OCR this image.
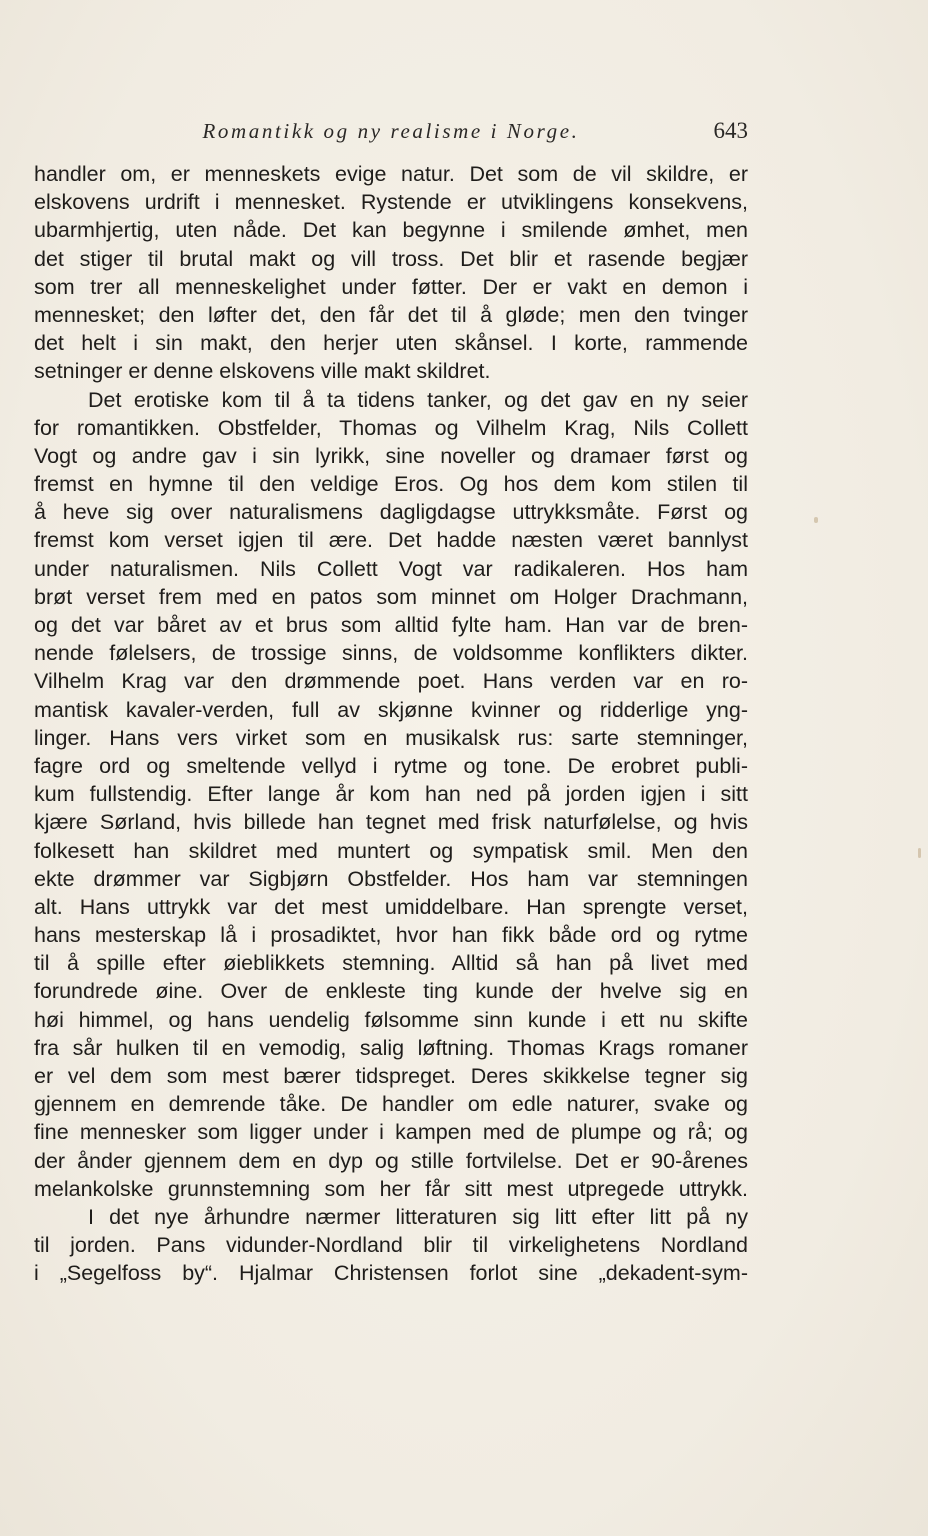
Romantikk og ny realisme i Norge.	643
handler om, er menneskets evige natur. Det som de vil skildre, er
elskovens urdrift i mennesket. Rystende er utviklingens konsekvens,
ubarmhjertig, uten nåde. Det kan begynne i smilende ømhet, men
det stiger til brutal makt og vill tross. Det blir et rasende begjær
som trer all menneskelighet under føtter. Der er vakt en demon i
mennesket; den løfter det, den får det til å gløde; men den tvinger
det helt i sin makt, den herjer uten skånsel. I korte, rammende
setninger er denne elskovens ville makt skildret.
Det erotiske kom til å ta tidens tanker, og det gav en ny seier
for romantikken. Obstfelder, Thomas og Vilhelm Krag, Nils Collett
Vogt og andre gav i sin lyrikk, sine noveller og dramaer først og
fremst en hymne til den veldige Eros. Og hos dem kom stilen til
å heve sig over naturalismens dagligdagse uttrykksmåte. Først og
fremst kom verset igjen til ære. Det hadde næsten været bannlyst
under naturalismen. Nils Collett Vogt var radikaleren. Hos ham
brøt verset frem med en patos som minnet om Holger Drachmann,
og det var båret av et brus som alltid fylte ham. Han var de bren-
nende følelsers, de trossige sinns, de voldsomme konflikters dikter.
Vilhelm Krag var den drømmende poet. Hans verden var en ro-
mantisk kavaler-verden, full av skjønne kvinner og ridderlige yng-
linger. Hans vers virket som en musikalsk rus: sarte stemninger,
fagre ord og smeltende vellyd i rytme og tone. De erobret publi-
kum fullstendig. Efter lange år kom han ned på jorden igjen i sitt
kjære Sørland, hvis billede han tegnet med frisk naturfølelse, og hvis
folkesett han skildret med muntert og sympatisk smil. Men den
ekte drømmer var Sigbjørn Obstfelder. Hos ham var stemningen
alt. Hans uttrykk var det mest umiddelbare. Han sprengte verset,
hans mesterskap lå i prosadiktet, hvor han fikk både ord og rytme
til å spille efter øieblikkets stemning. Alltid så han på livet med
forundrede øine. Over de enkleste ting kunde der hvelve sig en
høi himmel, og hans uendelig følsomme sinn kunde i ett nu skifte
fra sår hulken til en vemodig, salig løftning. Thomas Krags romaner
er vel dem som mest bærer tidspreget. Deres skikkelse tegner sig
gjennem en demrende tåke. De handler om edle naturer, svake og
fine mennesker som ligger under i kampen med de plumpe og rå; og
der ånder gjennem dem en dyp og stille fortvilelse. Det er 90-årenes
melankolske grunnstemning som her får sitt mest utpregede uttrykk.
I det nye århundre nærmer litteraturen sig litt efter litt på ny
til jorden. Pans vidunder-Nordland blir til virkelighetens Nordland
i „Segelfoss by“. Hjalmar Christensen forlot sine „dekadent-sym-
